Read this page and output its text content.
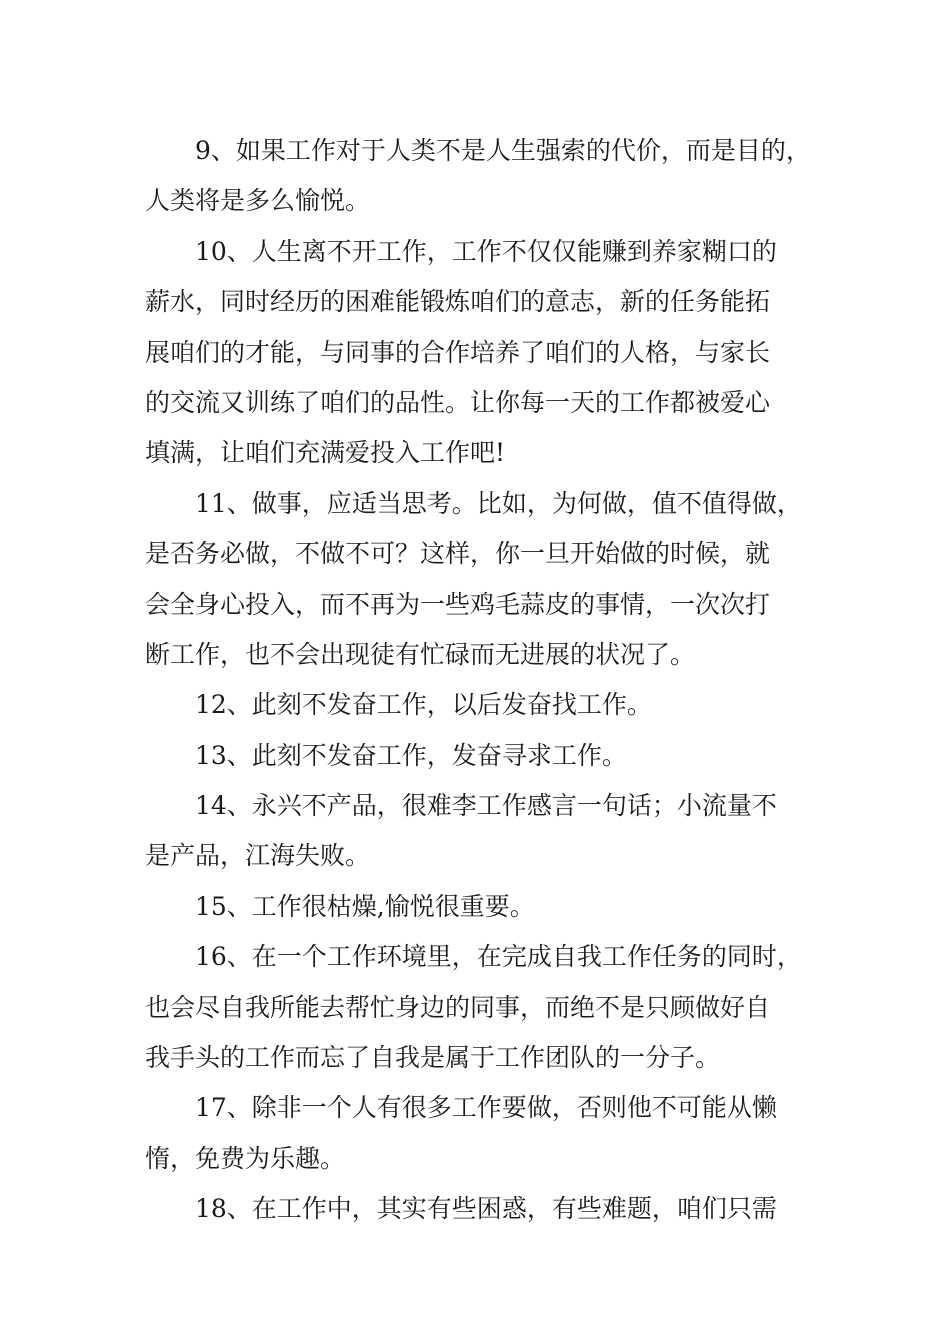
9、如果工作对于人类不是人生强索的代价，而是目的，
人类将是多么愉悦。
10、人生离不开工作，工作不仅仅能赚到养家糊口的
薪水，同时经历的困难能锻炼咱们的意志，新的任务能拓
展咱们的才能，与同事的合作培养了咱们的人格，与家长
的交流又训练了咱们的品性。让你每一天的工作都被爱心
填满，让咱们充满爱投入工作吧!
11、做事，应适当思考。比如，为何做，值不值得做，
是否务必做，不做不可？这样，你一旦开始做的时候，就
会全身心投入，而不再为一些鸡毛蒜皮的事情，一次次打
断工作，也不会出现徒有忙碌而无进展的状况了。
12、此刻不发奋工作，以后发奋找工作。
13、此刻不发奋工作，发奋寻求工作。
14、永兴不产品，很难李工作感言一句话；小流量不
是产品，江海失败。
15、工作很枯燥,愉悦很重要。
16、在一个工作环境里，在完成自我工作任务的同时，
也会尽自我所能去帮忙身边的同事，而绝不是只顾做好自
我手头的工作而忘了自我是属于工作团队的一分子。
17、除非一个人有很多工作要做，否则他不可能从懒
惰，免费为乐趣。
18、在工作中，其实有些困惑，有些难题，咱们只需
